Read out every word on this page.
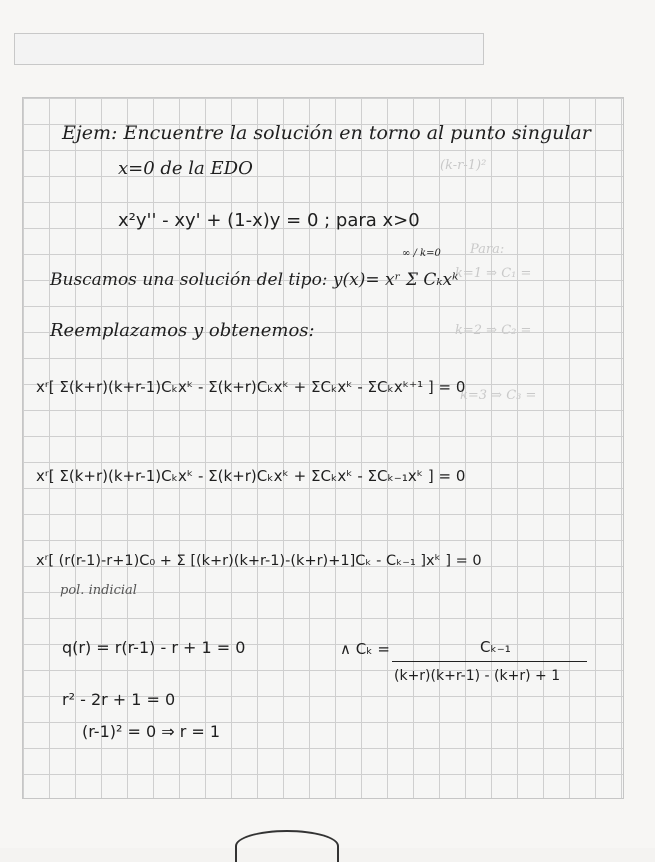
(k-r-1)²
Para:
k=1 ⇒ C₁ =
k=2 ⇒ C₂ =
k=3 ⇒ C₃ =
Ejem: Encuentre la solución en torno al punto singular
x=0 de la EDO
x²y'' - xy' + (1-x)y = 0 ; para x>0
Buscamos una solución del tipo: y(x)= xʳ Σ Cₖxᵏ
∞ / k=0
Reemplazamos y obtenemos:
xʳ[ Σ(k+r)(k+r-1)Cₖxᵏ - Σ(k+r)Cₖxᵏ + ΣCₖxᵏ - ΣCₖxᵏ⁺¹ ] = 0
xʳ[ Σ(k+r)(k+r-1)Cₖxᵏ - Σ(k+r)Cₖxᵏ + ΣCₖxᵏ - ΣCₖ₋₁xᵏ ] = 0
xʳ[ (r(r-1)-r+1)C₀ + Σ [(k+r)(k+r-1)-(k+r)+1]Cₖ - Cₖ₋₁ ]xᵏ ] = 0
pol. indicial
q(r) = r(r-1) - r + 1 = 0	∧ Cₖ =	Cₖ₋₁
(k+r)(k+r-1) - (k+r) + 1
r² - 2r + 1 = 0
(r-1)² = 0 ⇒ r = 1
